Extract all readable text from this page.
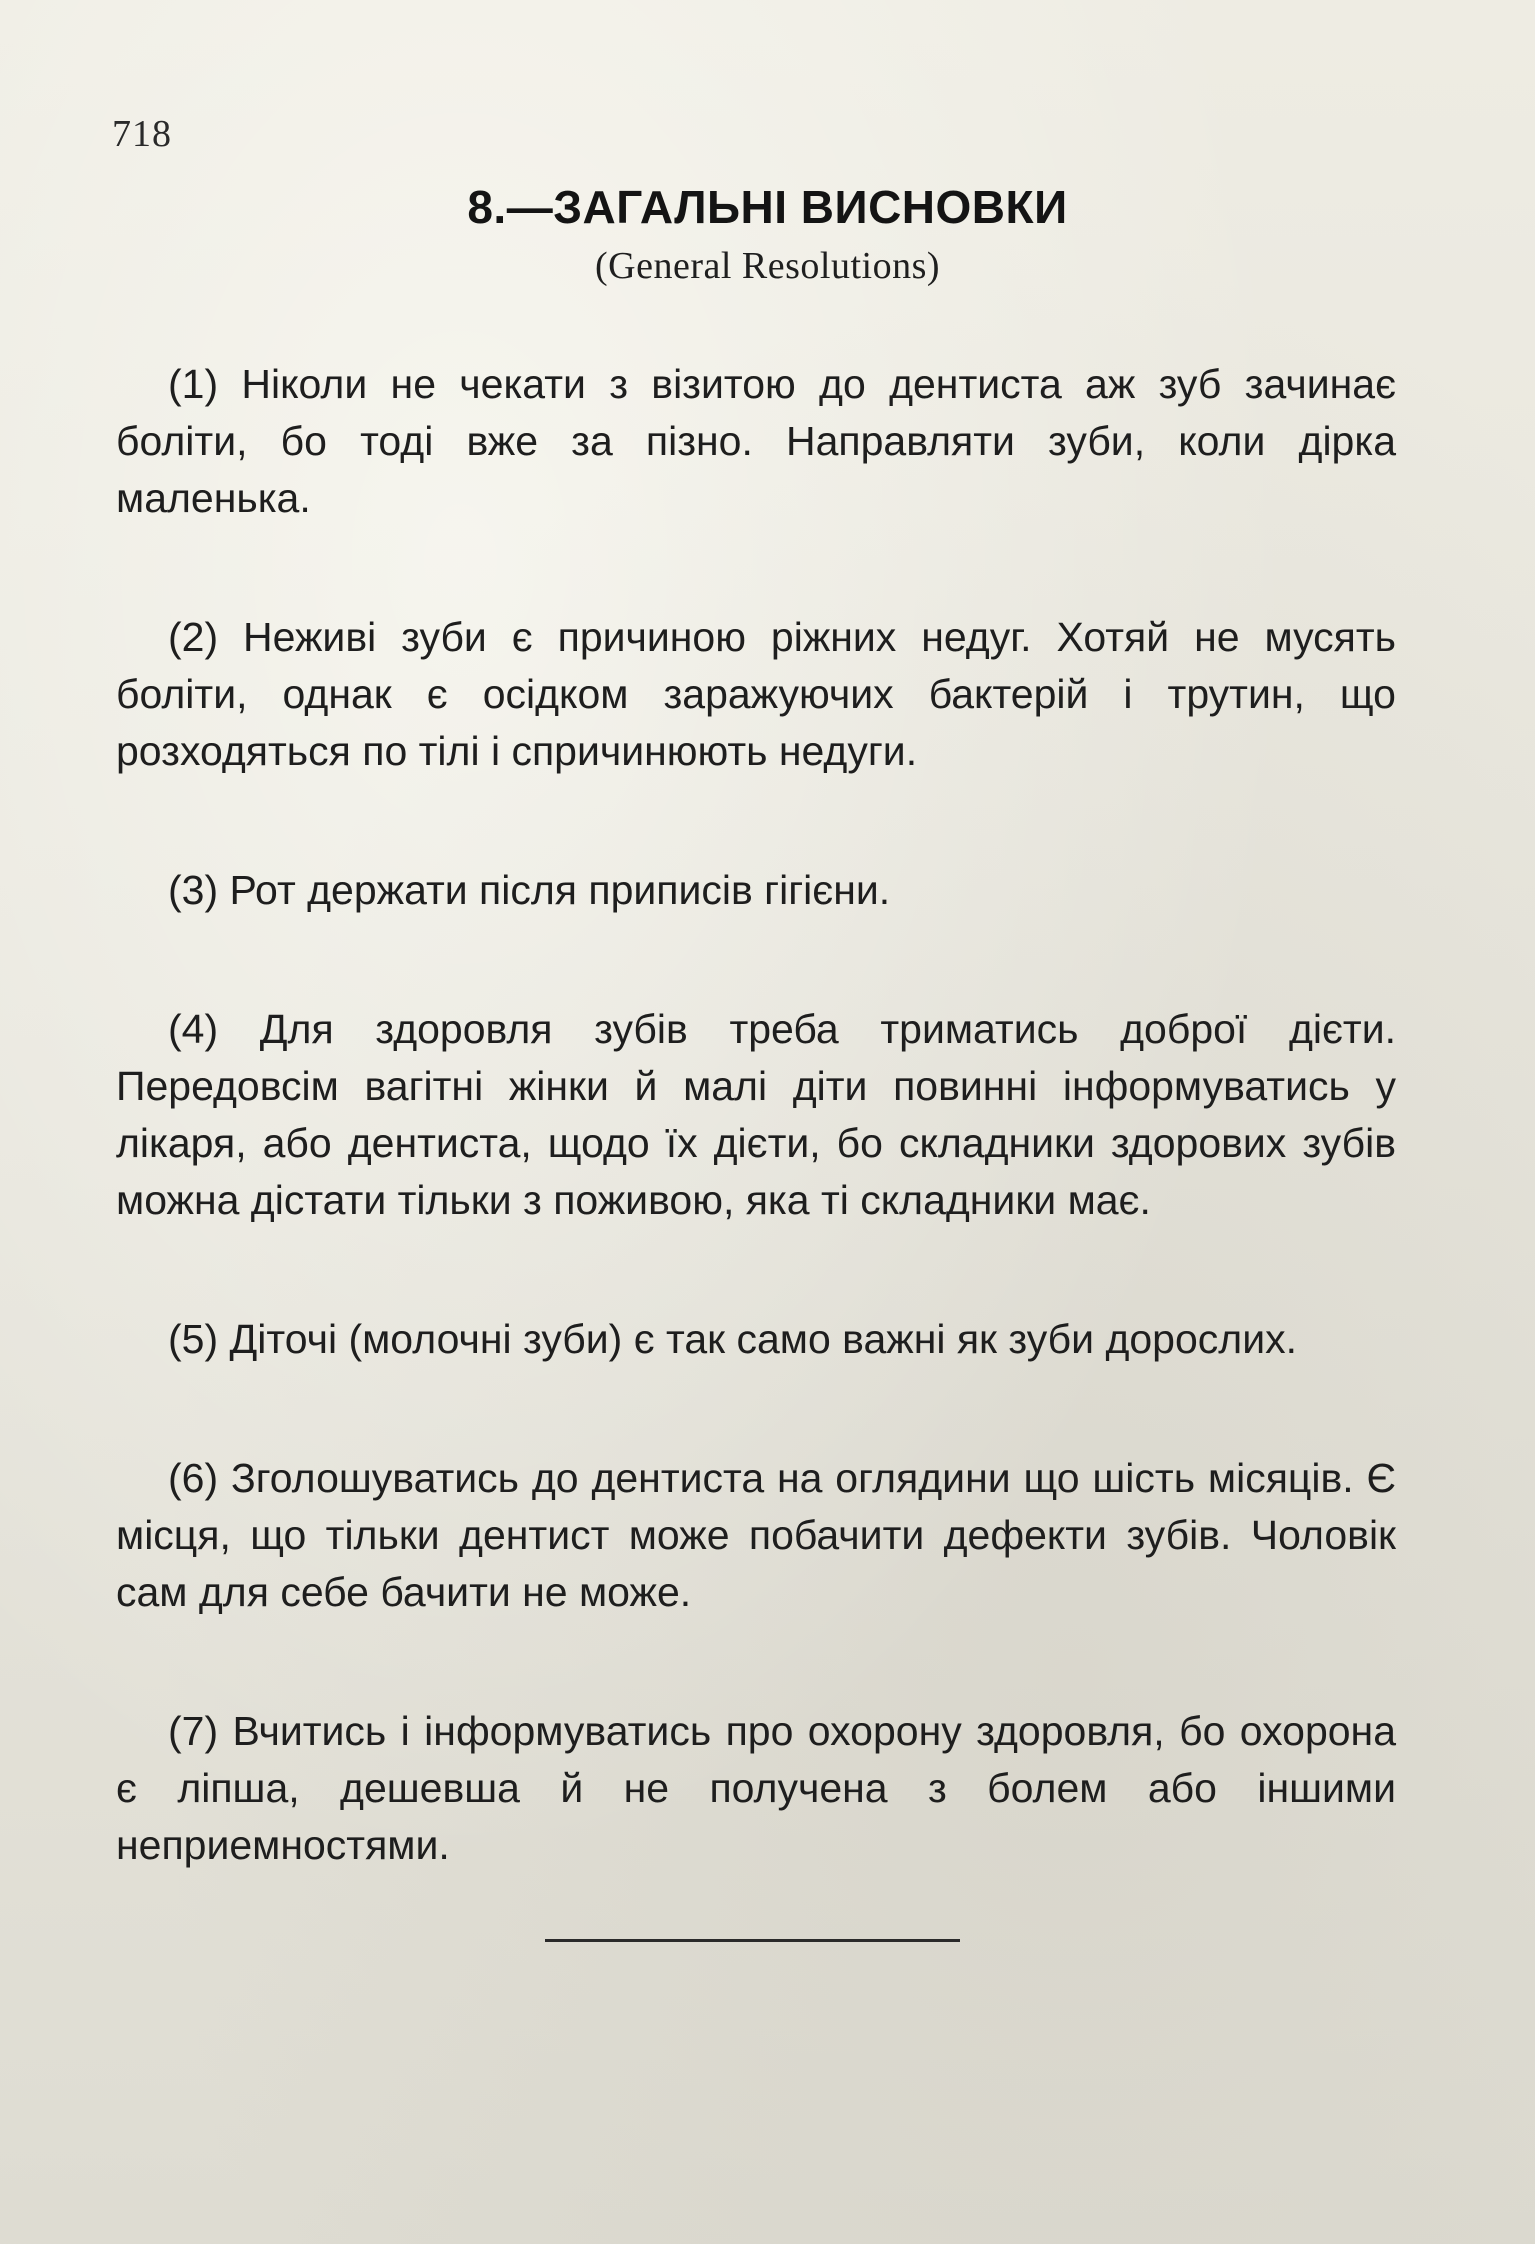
718
8.—ЗАГАЛЬНІ ВИСНОВКИ
(General Resolutions)

(1) Ніколи не чекати з візитою до дентиста аж зуб зачинає боліти, бо тоді вже за пізно. Направляти зуби, коли дірка маленька.

(2) Неживі зуби є причиною ріжних недуг. Хотяй не мусять боліти, однак є осідком заражуючих бактерій і трутин, що розходяться по тілі і спричинюють недуги.

(3) Рот держати після приписів гігієни.

(4) Для здоровля зубів треба триматись доброї дієти. Передовсім вагітні жінки й малі діти повинні інформуватись у лікаря, або дентиста, щодо їх дієти, бо складники здорових зубів можна дістати тільки з поживою, яка ті складники має.

(5) Діточі (молочні зуби) є так само важні як зуби дорослих.

(6) Зголошуватись до дентиста на оглядини що шість місяців. Є місця, що тільки дентист може побачити дефекти зубів. Чоловік сам для себе бачити не може.

(7) Вчитись і інформуватись про охорону здоровля, бо охорона є ліпша, дешевша й не получена з болем або іншими неприемностями.
